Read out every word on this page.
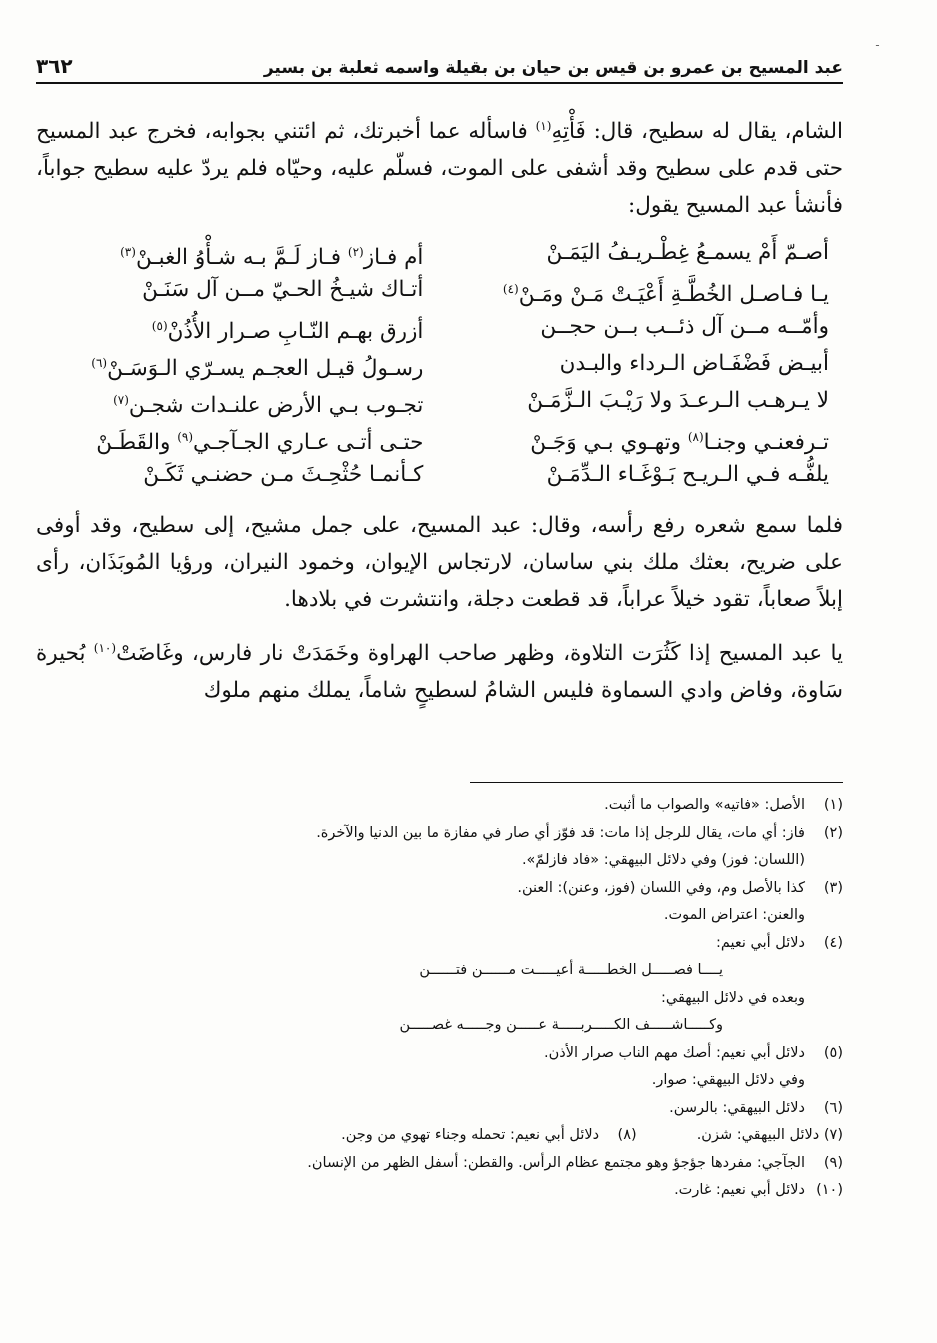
٣٦٢	عبد المسيح بن عمرو بن قيس بن حيان بن بقيلة واسمه ثعلبة بن بسير
ـ

الشام، يقال له سطيح، قال: فَأْتِهِ$^{(١)}$ فاسأله عما أخبرتك، ثم ائتني بجوابه، فخرج عبد المسيح حتى قدم على سطيح وقد أشفى على الموت، فسلّم عليه، وحيّاه فلم يردّ عليه سطيح جواباً، فأنشأ عبد المسيح يقول:

أصـمّ أَمْ يسمـعُ غِطْـريـفُ اليَمَـنْ
أم فـاز$^{(٢)}$ فـاز لَـمَّ بـه شـأْوُ الغبـنْ$^{(٣)}$
يـا فـاصـل الخُطَّـةِ أَعْيَـتْ مَـنْ ومَـنْ$^{(٤)}$
أتـاك شيـخُ الحـيّ مــن آل سَنَـنْ
وأمّــه مــن آل ذئــب بــن حجــن
أزرق بهـم النّـابِ صـرار الأُذُنْ$^{(٥)}$
أبيـض فَضْفَـاض الـرداء والبـدن
رسـولُ قيـل العجـم يسـرّي الـوَسَـنْ$^{(٦)}$
لا يـرهـب الـرعـدَ ولا رَيْـبَ الـزَّمَـنْ
تجـوب بـي الأرض علنـدات شجـن$^{(٧)}$
تـرفعنـي وجنـا$^{(٨)}$ وتهـوي بـي وَجَـنْ
حتـى أتـى عـاري الجـآجـي$^{(٩)}$ والقَطَـنْ
يلفُّـه فـي الـريـح بَـوْغَـاء الـدِّمَـنْ
كـأنمـا حُثْحِـثَ مـن حضنـي ثَكَـنْ

فلما سمع شعره رفع رأسه، وقال: عبد المسيح، على جمل مشيح، إلى سطيح، وقد أوفى على ضريح، بعثك ملك بني ساسان، لارتجاس الإيوان، وخمود النيران، ورؤيا المُوبَذَان، رأى إبلاً صعاباً، تقود خيلاً عراباً، قد قطعت دجلة، وانتشرت في بلادها.

يا عبد المسيح إذا كَثُرَت التلاوة، وظهر صاحب الهراوة وخَمَدَتْ نار فارس، وغَاضَتْ$^{(١٠)}$ بُحيرة سَاوة، وفاض وادي السماوة فليس الشامُ لسطيحٍ شاماً، يملك منهم ملوك

(١)
الأصل: «فاتيه» والصواب ما أثبت.
(٢)
فاز: أي مات، يقال للرجل إذا مات: قد فوّز أي صار في مفازة ما بين الدنيا والآخرة.
(اللسان: فوز) وفي دلائل البيهقي: «فاد فازلمّ».
(٣)
كذا بالأصل وم، وفي اللسان (فوز، وعنن): العنن.
والعنن: اعتراض الموت.
(٤)
دلائل أبي نعيم:
يــــا فصـــــل الخطـــــة أعيـــــت مــــــن فتــــــن
وبعده في دلائل البيهقي:
وكـــــاشـــــف الكـــــربـــــة عـــــن وجـــــه غصـــــن
(٥)
دلائل أبي نعيم: أصك مهم الناب صرار الأذن.
وفي دلائل البيهقي: صوار.
(٦)
دلائل البيهقي: بالرسن.
(٧) دلائل البيهقي: شزن.
(٨)    دلائل أبي نعيم: تحمله وجناء تهوي من وجن.
(٩)
الجآجي: مفردها جؤجؤ وهو مجتمع عظام الرأس. والقطن: أسفل الظهر من الإنسان.
(١٠)
دلائل أبي نعيم: غارت.
